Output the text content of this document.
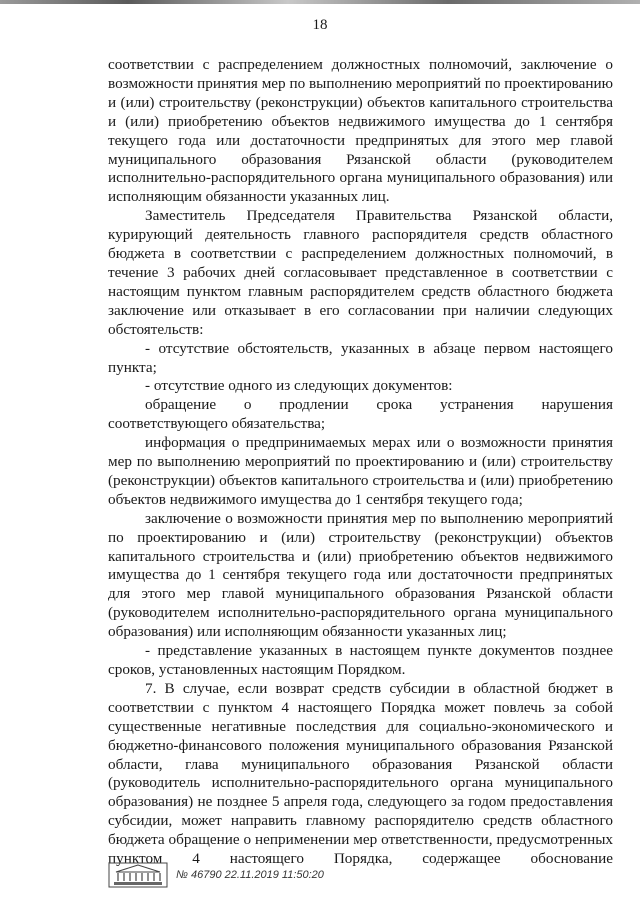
18

соответствии с распределением должностных полномочий, заключение о возможности принятия мер по выполнению мероприятий по проектированию и (или) строительству (реконструкции) объектов капитального строительства и (или) приобретению объектов недвижимого имущества до 1 сентября текущего года или достаточности предпринятых для этого мер главой муниципального образования Рязанской области (руководителем исполнительно-распорядительного органа муниципального образования) или исполняющим обязанности указанных лиц.

Заместитель Председателя Правительства Рязанской области, курирующий деятельность главного распорядителя средств областного бюджета в соответствии с распределением должностных полномочий, в течение 3 рабочих дней согласовывает представленное в соответствии с настоящим пунктом главным распорядителем средств областного бюджета заключение или отказывает в его согласовании при наличии следующих обстоятельств:

- отсутствие обстоятельств, указанных в абзаце первом настоящего пункта;

- отсутствие одного из следующих документов:

обращение о продлении срока устранения нарушения соответствующего обязательства;

информация о предпринимаемых мерах или о возможности принятия мер по выполнению мероприятий по проектированию и (или) строительству (реконструкции) объектов капитального строительства и (или) приобретению объектов недвижимого имущества до 1 сентября текущего года;

заключение о возможности принятия мер по выполнению мероприятий по проектированию и (или) строительству (реконструкции) объектов капитального строительства и (или) приобретению объектов недвижимого имущества до 1 сентября текущего года или достаточности предпринятых для этого мер главой муниципального образования Рязанской области (руководителем исполнительно-распорядительного органа муниципального образования) или исполняющим обязанности указанных лиц;

- представление указанных в настоящем пункте документов позднее сроков, установленных настоящим Порядком.

7. В случае, если возврат средств субсидии в областной бюджет в соответствии с пунктом 4 настоящего Порядка может повлечь за собой существенные негативные последствия для социально-экономического и бюджетно-финансового положения муниципального образования Рязанской области, глава муниципального образования Рязанской области (руководитель исполнительно-распорядительного органа муниципального образования) не позднее 5 апреля года, следующего за годом предоставления субсидии, может направить главному распорядителю средств областного бюджета обращение о неприменении мер ответственности, предусмотренных пунктом 4 настоящего Порядка, содержащее обоснование

№ 46790 22.11.2019 11:50:20
